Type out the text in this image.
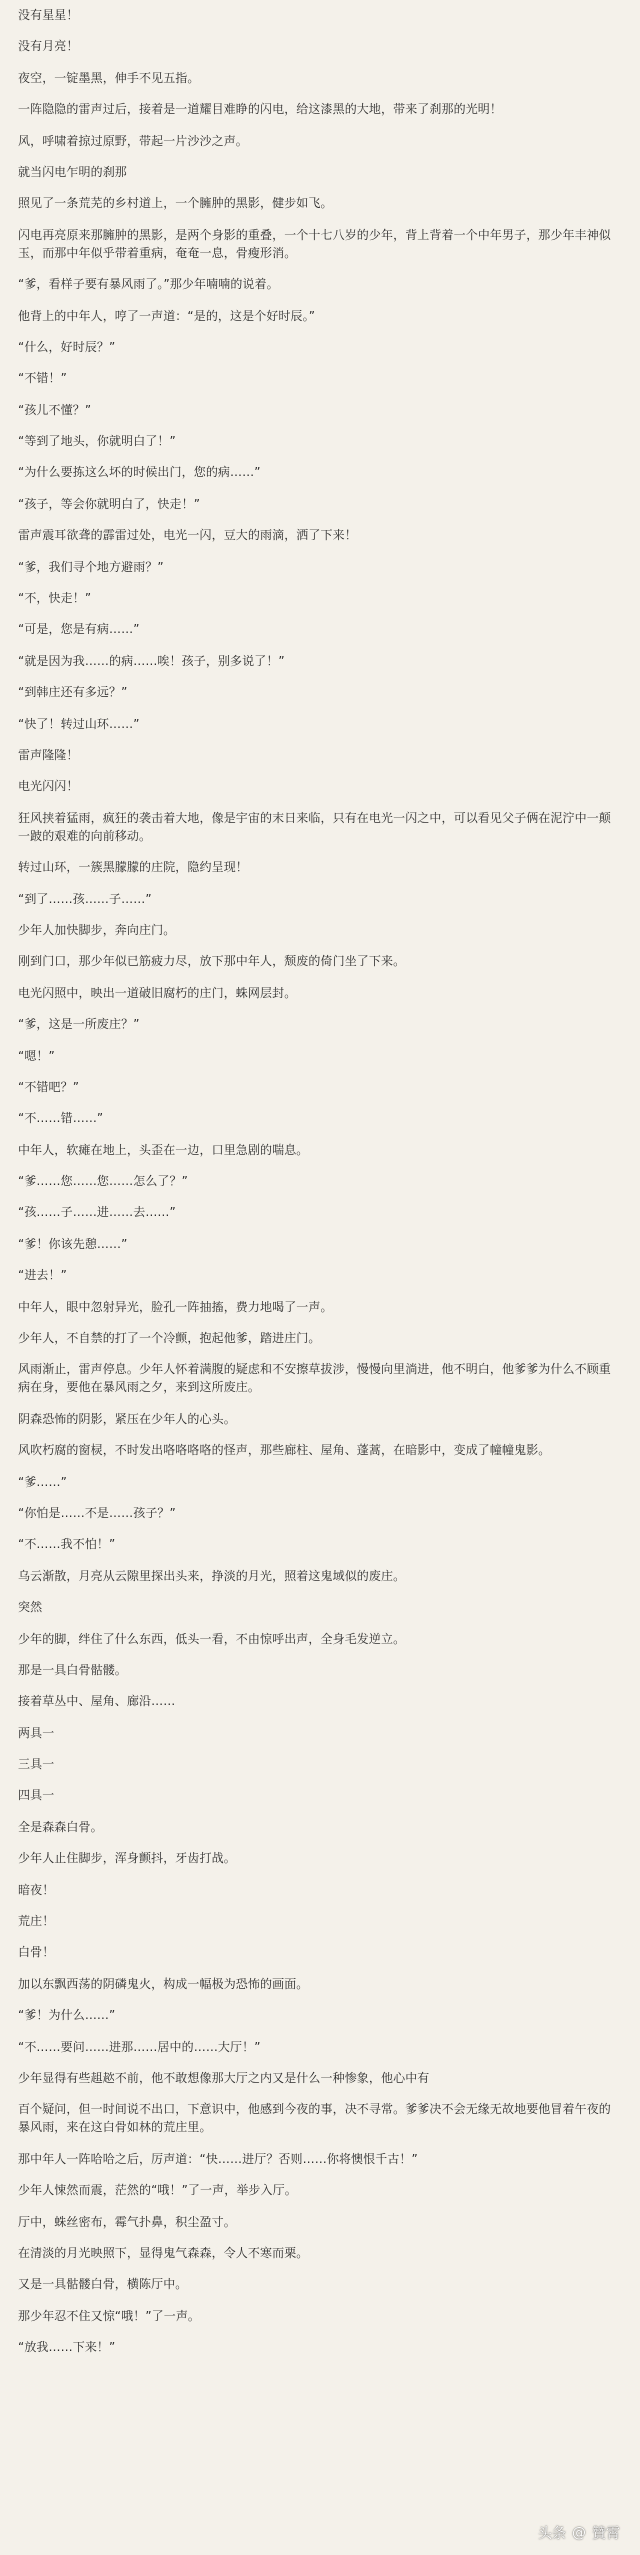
没有星星！

没有月亮！

夜空，一锭墨黑，伸手不见五指。

一阵隐隐的雷声过后，接着是一道耀目难睁的闪电，给这漆黑的大地，带来了刹那的光明！

风，呼啸着掠过原野，带起一片沙沙之声。

就当闪电乍明的刹那

照见了一条荒芜的乡村道上，一个臃肿的黑影，健步如飞。

闪电再亮原来那臃肿的黑影，是两个身影的重叠，一个十七八岁的少年，背上背着一个中年男子，那少年丰神似玉，而那中年似乎带着重病，奄奄一息，骨瘦形消。

“爹，看样子要有暴风雨了。”那少年喃喃的说着。

他背上的中年人，哼了一声道：“是的，这是个好时辰。”

“什么，好时辰？”

“不错！”

“孩儿不懂？”

“等到了地头，你就明白了！”

“为什么要拣这么坏的时候出门，您的病……”

“孩子，等会你就明白了，快走！”

雷声震耳欲聋的霹雷过处，电光一闪，豆大的雨滴，洒了下来！

“爹，我们寻个地方避雨？”

“不，快走！”

“可是，您是有病……”

“就是因为我……的病……唉！孩子，别多说了！”

“到韩庄还有多远？”

“快了！转过山环……”

雷声隆隆！

电光闪闪！

狂风挟着猛雨，疯狂的袭击着大地，像是宇宙的末日来临，只有在电光一闪之中，可以看见父子俩在泥泞中一颠一跛的艰难的向前移动。

转过山环，一簇黑朦朦的庄院，隐约呈现！

“到了……孩……子……”

少年人加快脚步，奔向庄门。

刚到门口，那少年似已筋疲力尽，放下那中年人，颓废的倚门坐了下来。

电光闪照中，映出一道破旧腐朽的庄门，蛛网层封。

“爹，这是一所废庄？”

“嗯！”

“不错吧？”

“不……错……”

中年人，软瘫在地上，头歪在一边，口里急剧的喘息。

“爹……您……您……怎么了？”

“孩……子……进……去……”

“爹！你该先憩……”

“进去！”

中年人，眼中忽射异光，脸孔一阵抽搐，费力地喝了一声。

少年人，不自禁的打了一个冷颤，抱起他爹，踏进庄门。

风雨渐止，雷声停息。少年人怀着满腹的疑虑和不安擦草拔涉，慢慢向里淌进，他不明白，他爹爹为什么不顾重病在身，要他在暴风雨之夕，来到这所废庄。

阴森恐怖的阴影，紧压在少年人的心头。

风吹朽腐的窗棂，不时发出咯咯咯咯的怪声，那些廊柱、屋角、蓬蒿，在暗影中，变成了幢幢鬼影。

“爹……”

“你怕是……不是……孩子？”

“不……我不怕！”

乌云渐散，月亮从云隙里探出头来，挣淡的月光，照着这鬼域似的废庄。

突然

少年的脚，绊住了什么东西，低头一看，不由惊呼出声，全身毛发逆立。

那是一具白骨骷髅。

接着草丛中、屋角、廊沿……

两具一

三具一

四具一

全是森森白骨。

少年人止住脚步，浑身颤抖，牙齿打战。

暗夜！

荒庄！

白骨！

加以东飘西荡的阴磷鬼火，构成一幅极为恐怖的画面。

“爹！为什么……”

“不……要问……进那……居中的……大厅！”

少年显得有些趄趑不前，他不敢想像那大厅之内又是什么一种惨象，他心中有

百个疑问，但一时间说不出口，下意识中，他感到今夜的事，决不寻常。爹爹决不会无缘无故地要他冒着午夜的暴风雨，来在这白骨如林的荒庄里。

那中年人一阵哈哈之后，厉声道：“快……进厅？否则……你将懊恨千古！”

少年人悚然而震，茫然的“哦！”了一声，举步入厅。

厅中，蛛丝密布，霉气扑鼻，积尘盈寸。

在清淡的月光映照下，显得鬼气森森，令人不寒而栗。

又是一具骷髅白骨，横陈厅中。

那少年忍不住又惊“哦！”了一声。

“放我……下来！”

头条 @ 贊霄
